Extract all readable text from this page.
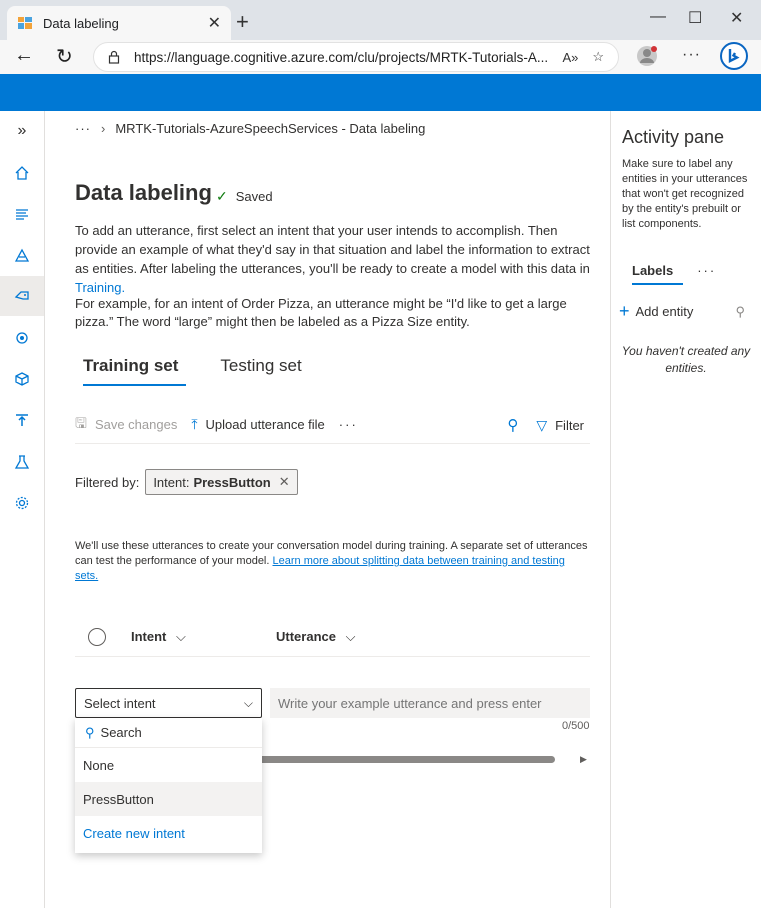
Data labeling	✕ +	— ☐ ✕
← ↻	https://language.cognitive.azure.com/clu/projects/MRTK-Tutorials-A...	A» ☆	···
»	··· › MRTK-Tutorials-AzureSpeechServices - Data labeling
Data labeling ✓ Saved
To add an utterance, first select an intent that your user intends to accomplish. Then provide an example of what they'd say in that situation and label the information to extract as entities. After labeling the utterances, you'll be ready to create a model with this data in Training.
For example, for an intent of Order Pizza, an utterance might be “I'd like to get a large pizza.” The word “large” might then be labeled as a Pizza Size entity.
Training set	Testing set
🖫 Save changes ⤒ Upload utterance file ···	⚲ ▽ Filter
Filtered by: Intent: PressButton ✕
We'll use these utterances to create your conversation model during training. A separate set of utterances can test the performance of your model. Learn more about splitting data between training and testing sets.
Intent ⌵	Utterance ⌵
Select intent	⌵
Write your example utterance and press enter
0/500
▶
⚲ Search
None
PressButton
Create new intent
Activity pane
Make sure to label any entities in your utterances that won't get recognized by the entity's prebuilt or list components.
Labels	···
+ Add entity	⚲
You haven't created any entities.
